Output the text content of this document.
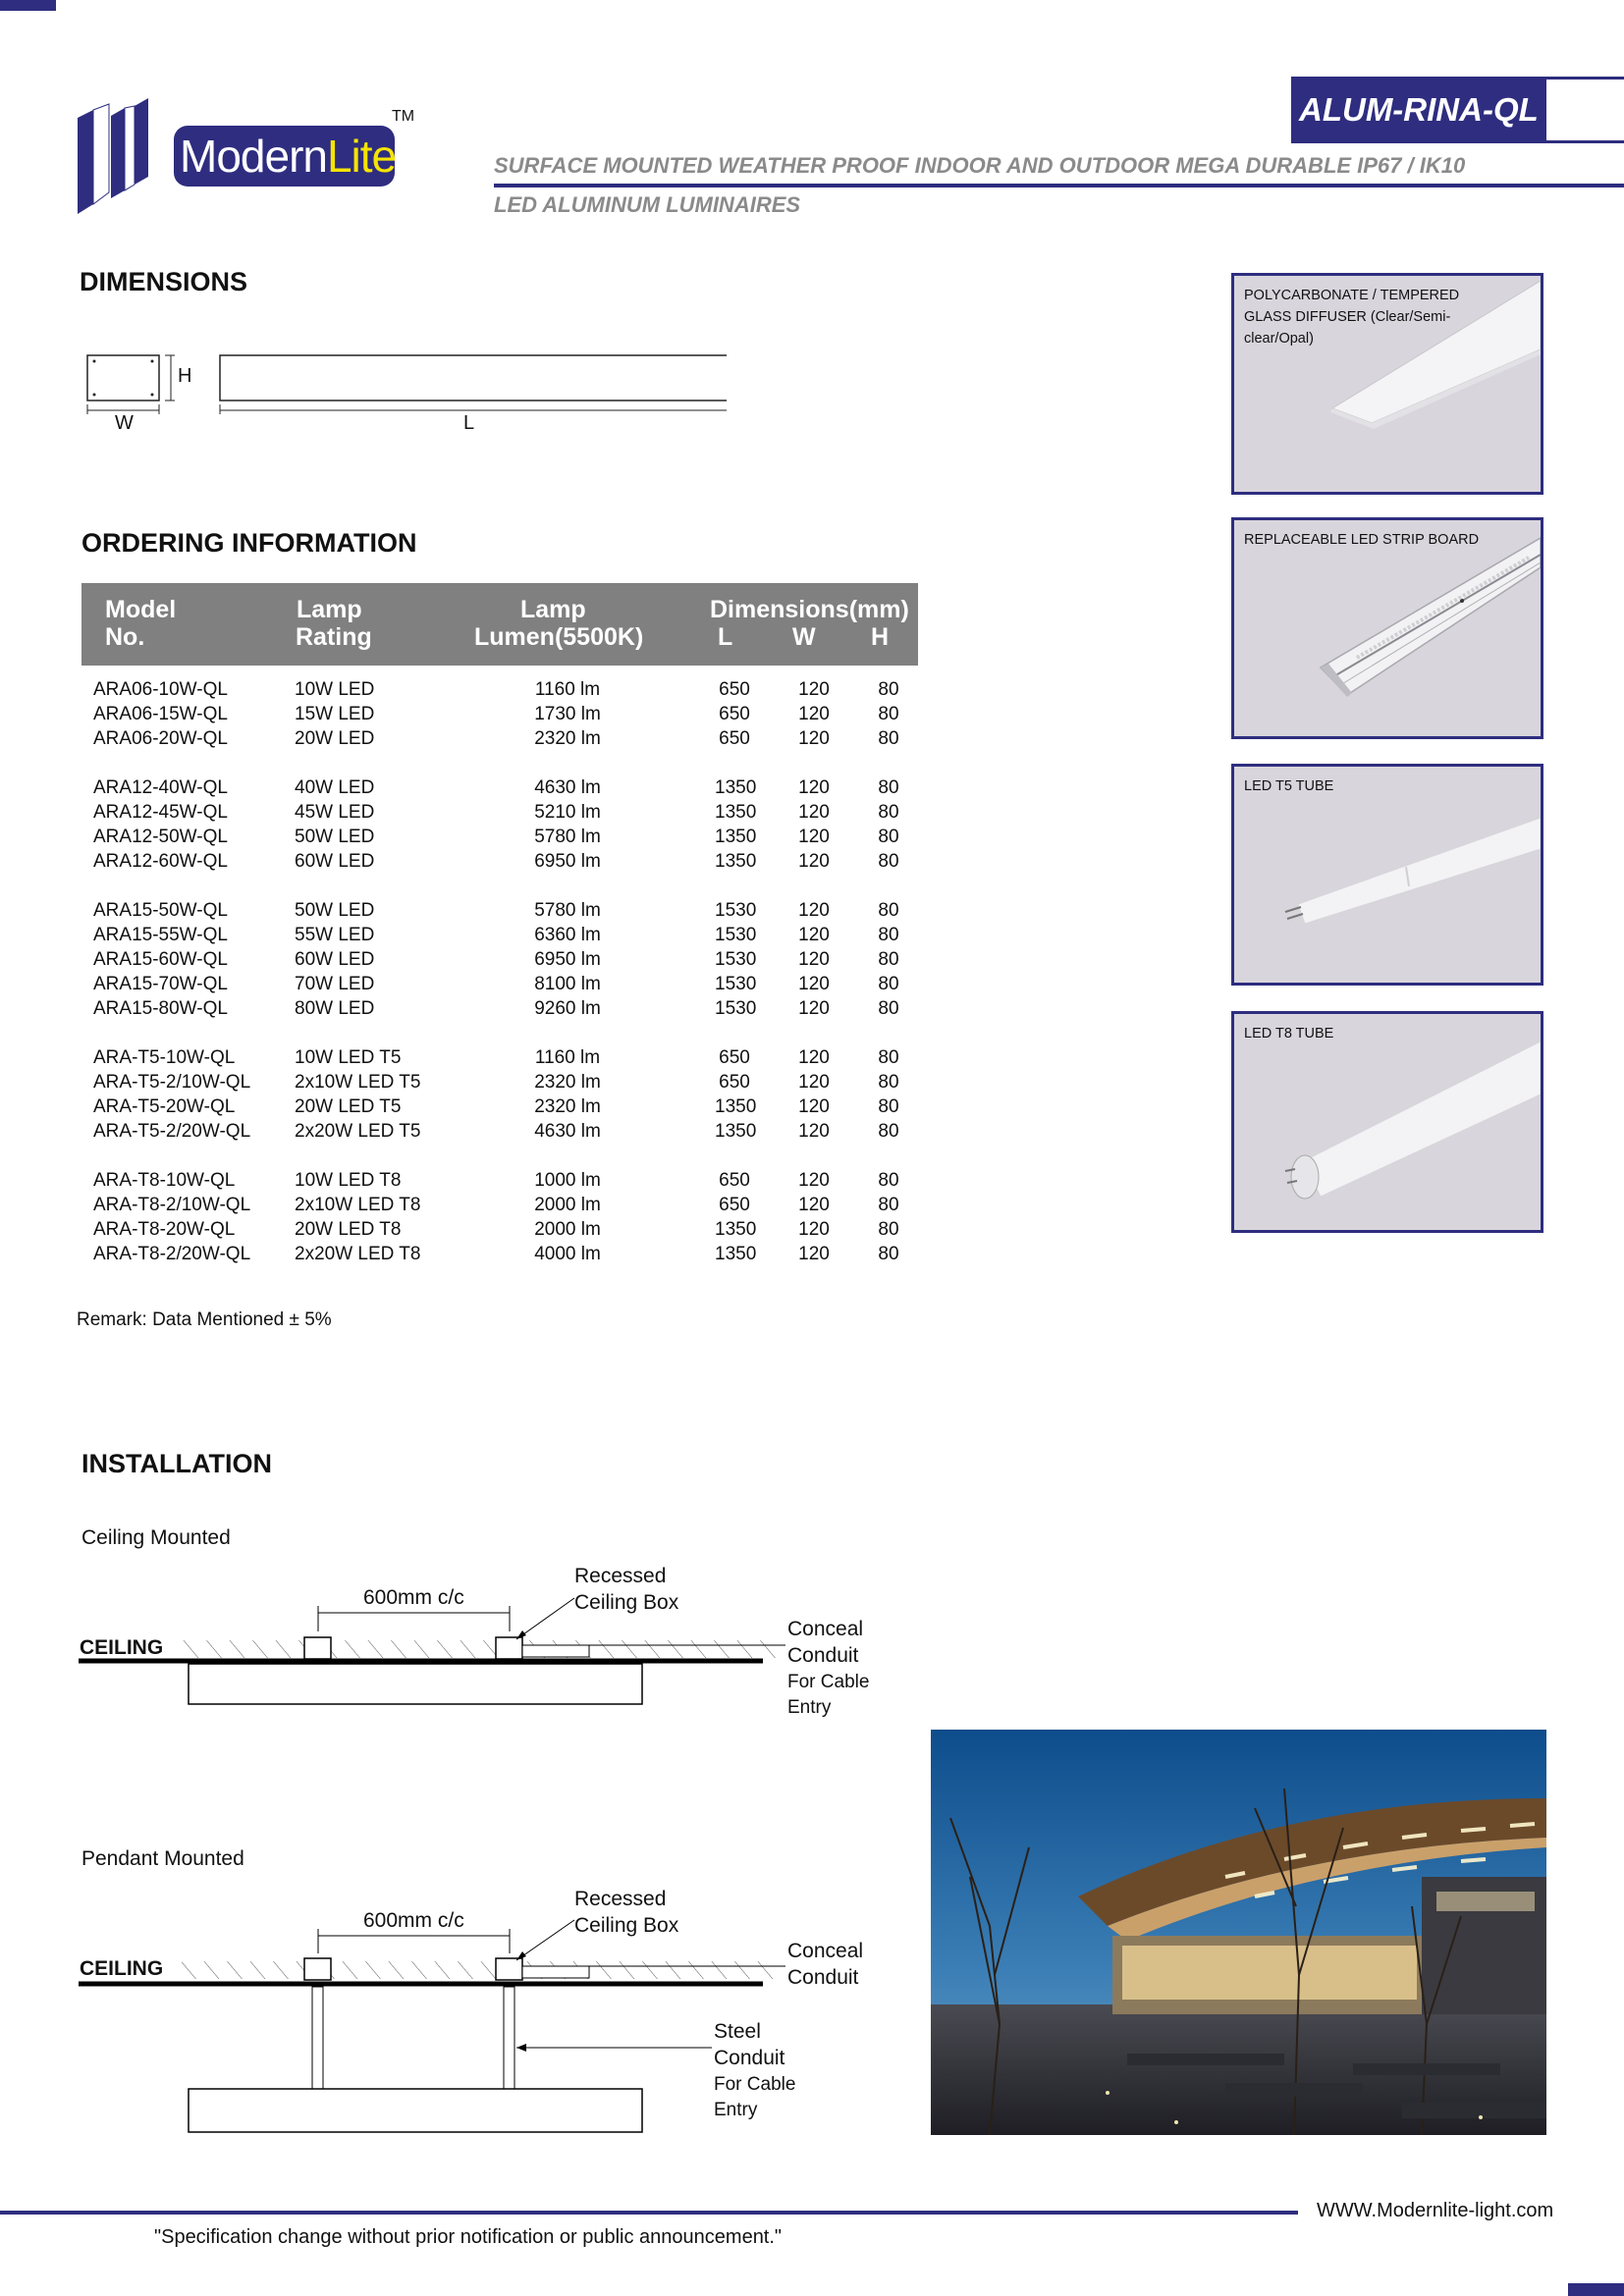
ModernLite
TM	ALUM-RINA-QL
SURFACE MOUNTED WEATHER PROOF INDOOR AND OUTDOOR MEGA DURABLE IP67 / IK10
LED ALUMINUM LUMINAIRES
DIMENSIONS
H
W	L
ORDERING INFORMATION
Model
No.
Lamp
Rating
Lamp
Lumen(5500K)
Dimensions(mm)
L W H
ARA06-10W-QL	10W LED	1160 lm	650	120	80
ARA06-15W-QL	15W LED	1730 lm	650	120	80
ARA06-20W-QL	20W LED	2320 lm	650	120	80
ARA12-40W-QL	40W LED	4630 lm	1350 120	80
ARA12-45W-QL	45W LED	5210 lm	1350 120	80
ARA12-50W-QL	50W LED	5780 lm	1350 120	80
ARA12-60W-QL	60W LED	6950 lm	1350 120	80
ARA15-50W-QL	50W LED	5780 lm	1530 120	80
ARA15-55W-QL	55W LED	6360 lm	1530 120	80
ARA15-60W-QL	60W LED	6950 lm	1530 120	80
ARA15-70W-QL	70W LED	8100 lm	1530 120	80
ARA15-80W-QL	80W LED	9260 lm	1530 120	80
ARA-T5-10W-QL	10W LED T5	1160 lm	650	120	80
ARA-T5-2/10W-QL 2x10W LED T5	2320 lm	650	120	80
ARA-T5-20W-QL	20W LED T5	2320 lm	1350 120	80
ARA-T5-2/20W-QL 2x20W LED T5	4630 lm	1350 120	80
ARA-T8-10W-QL	10W LED T8	1000 lm	650	120	80
ARA-T8-2/10W-QL 2x10W LED T8	2000 lm	650	120	80
ARA-T8-20W-QL	20W LED T8	2000 lm	1350 120	80
ARA-T8-2/20W-QL 2x20W LED T8	4000 lm	1350 120	80
Remark: Data Mentioned ± 5%
POLYCARBONATE / TEMPERED GLASS DIFFUSER (Clear/Semi-clear/Opal)
REPLACEABLE LED STRIP BOARD
LED T5 TUBE
LED T8 TUBE
INSTALLATION
Ceiling Mounted
600mm c/c
Recessed
Ceiling Box
CEILING
Conceal
Conduit
For Cable
Entry
Pendant Mounted
600mm c/c
Recessed
Ceiling Box
CEILING
Conceal
Conduit
Steel
Conduit
For Cable
Entry
WWW.Modernlite-light.com
"Specification change without prior notification or public announcement."
